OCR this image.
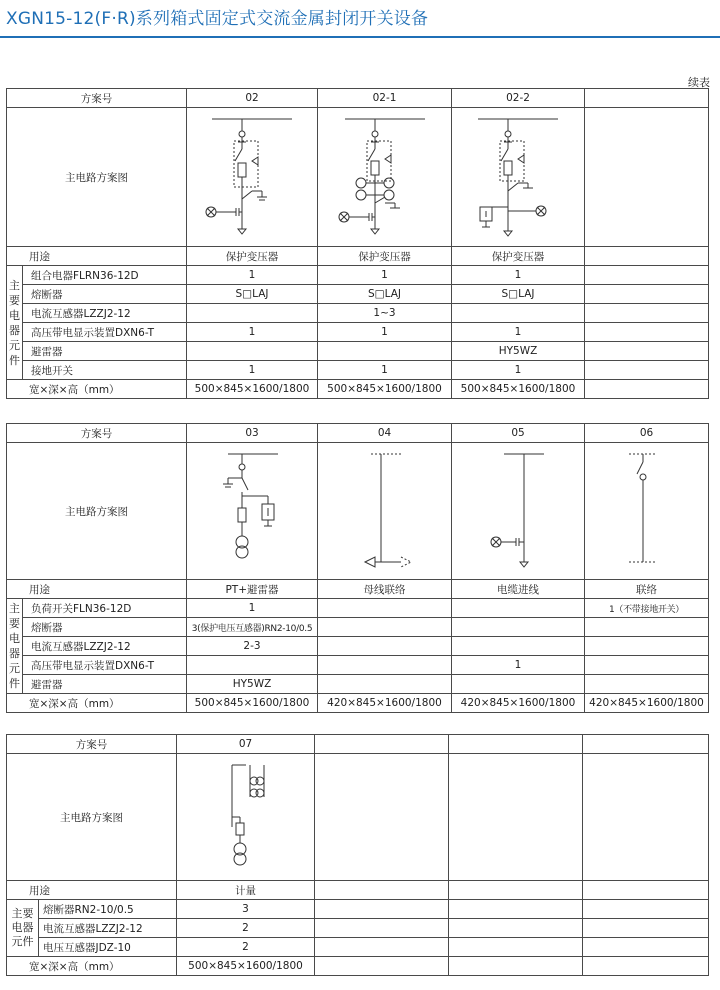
XGN15-12(F·R)系列箱式固定式交流金属封闭开关设备
续表
方案号		02	02-1	02-2	
主电路方案图	

用途		保护变压器	保护变压器	保护变压器	
主要电器元件	组合电器FLRN36-12D	1	1	1	
	熔断器	S□LAJ	S□LAJ	S□LAJ	
	电流互感器LZZJ2-12		1~3		
	高压带电显示装置DXN6-T	1	1	1	
	避雷器			HY5WZ	
	接地开关	1	1	1	
宽×深×高（mm）		500×845×1600/1800	500×845×1600/1800	500×845×1600/1800	
方案号		03	04	05	06
主电路方案图	

用途		PT+避雷器	母线联络	电缆进线	联络
主要电器元件	负荷开关FLN36-12D	1			1（不带接地开关）
	熔断器	3(保护电压互感器)RN2-10/0.5			
	电流互感器LZZJ2-12	2-3			
	高压带电显示装置DXN6-T			1	
	避雷器	HY5WZ			
宽×深×高（mm）		500×845×1600/1800	420×845×1600/1800	420×845×1600/1800	420×845×1600/1800
方案号		07			
主电路方案图	

用途		计量			
主要电器元件	熔断器RN2-10/0.5	3			
	电流互感器LZZJ2-12	2			
	电压互感器JDZ-10	2			
宽×深×高（mm）		500×845×1600/1800			
